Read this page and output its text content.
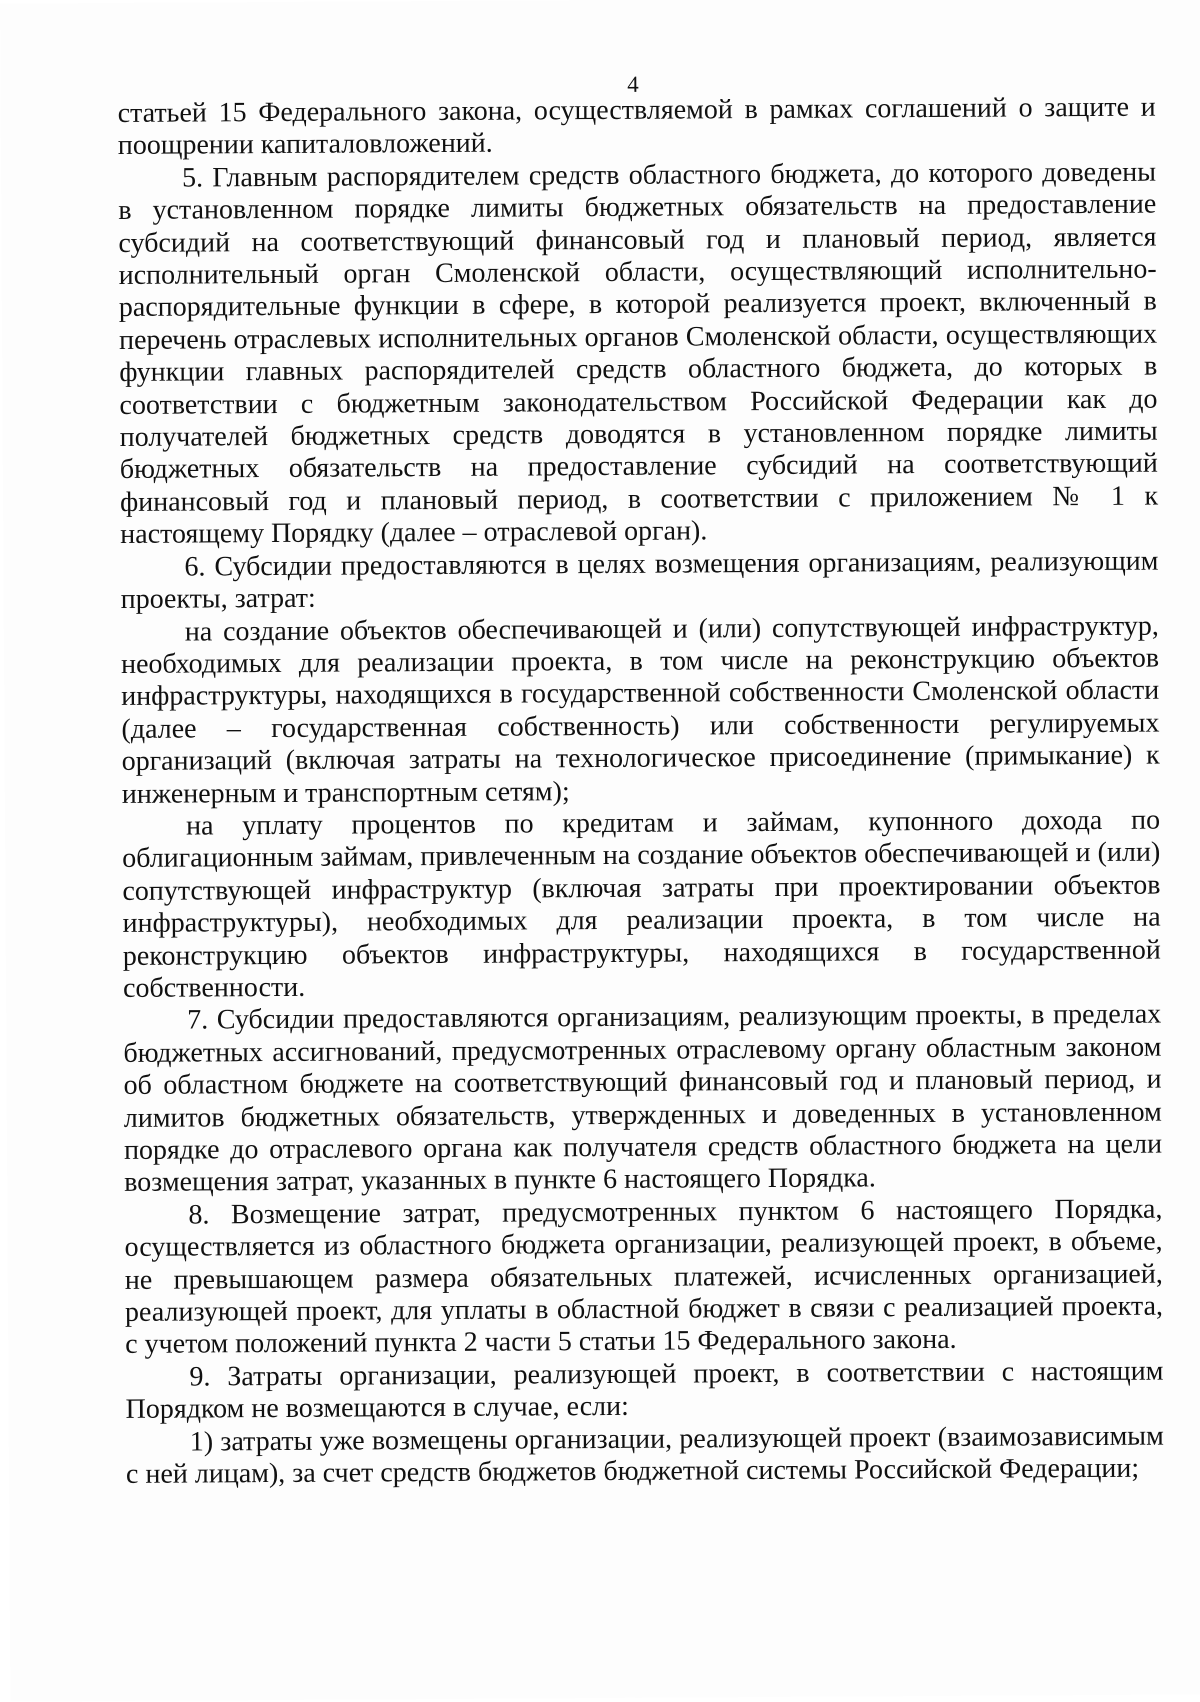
4

статьей 15 Федерального закона, осуществляемой в рамках соглашений о защите и поощрении капиталовложений.

5. Главным распорядителем средств областного бюджета, до которого доведены в установленном порядке лимиты бюджетных обязательств на предоставление субсидий на соответствующий финансовый год и плановый период, является исполнительный орган Смоленской области, осуществляющий исполнительно-распорядительные функции в сфере, в которой реализуется проект, включенный в перечень отраслевых исполнительных органов Смоленской области, осуществляющих функции главных распорядителей средств областного бюджета, до которых в соответствии с бюджетным законодательством Российской Федерации как до получателей бюджетных средств доводятся в установленном порядке лимиты бюджетных обязательств на предоставление субсидий на соответствующий финансовый год и плановый период, в соответствии с приложением № 1 к настоящему Порядку (далее – отраслевой орган).

6. Субсидии предоставляются в целях возмещения организациям, реализующим проекты, затрат:

на создание объектов обеспечивающей и (или) сопутствующей инфраструктур, необходимых для реализации проекта, в том числе на реконструкцию объектов инфраструктуры, находящихся в государственной собственности Смоленской области (далее – государственная собственность) или собственности регулируемых организаций (включая затраты на технологическое присоединение (примыкание) к инженерным и транспортным сетям);

на уплату процентов по кредитам и займам, купонного дохода по облигационным займам, привлеченным на создание объектов обеспечивающей и (или) сопутствующей инфраструктур (включая затраты при проектировании объектов инфраструктуры), необходимых для реализации проекта, в том числе на реконструкцию объектов инфраструктуры, находящихся в государственной собственности.

7. Субсидии предоставляются организациям, реализующим проекты, в пределах бюджетных ассигнований, предусмотренных отраслевому органу областным законом об областном бюджете на соответствующий финансовый год и плановый период, и лимитов бюджетных обязательств, утвержденных и доведенных в установленном порядке до отраслевого органа как получателя средств областного бюджета на цели возмещения затрат, указанных в пункте 6 настоящего Порядка.

8. Возмещение затрат, предусмотренных пунктом 6 настоящего Порядка, осуществляется из областного бюджета организации, реализующей проект, в объеме, не превышающем размера обязательных платежей, исчисленных организацией, реализующей проект, для уплаты в областной бюджет в связи с реализацией проекта, с учетом положений пункта 2 части 5 статьи 15 Федерального закона.

9. Затраты организации, реализующей проект, в соответствии с настоящим Порядком не возмещаются в случае, если:

1) затраты уже возмещены организации, реализующей проект (взаимозависимым с ней лицам), за счет средств бюджетов бюджетной системы Российской Федерации;
